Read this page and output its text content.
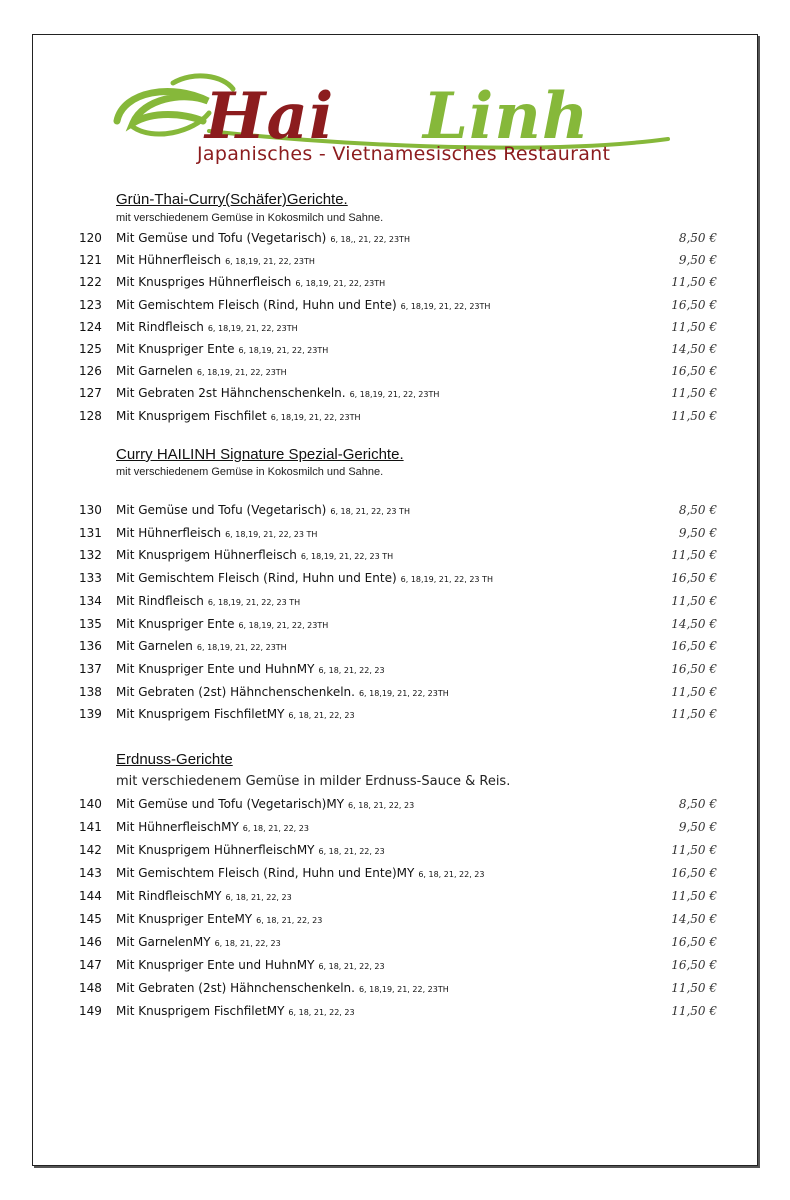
Hai Linh
Japanisches - Vietnamesisches Restaurant
Grün-Thai-Curry(Schäfer)Gerichte.
mit verschiedenem Gemüse in Kokosmilch und Sahne.
120 Mit Gemüse und Tofu (Vegetarisch) 6, 18,, 21, 22, 23TH	8,50 €
121 Mit Hühnerfleisch 6, 18,19, 21, 22, 23TH	9,50 €
122 Mit Knuspriges Hühnerfleisch 6, 18,19, 21, 22, 23TH	11,50 €
123 Mit Gemischtem Fleisch (Rind, Huhn und Ente) 6, 18,19, 21, 22, 23TH	16,50 €
124 Mit Rindfleisch 6, 18,19, 21, 22, 23TH	11,50 €
125 Mit Knuspriger Ente 6, 18,19, 21, 22, 23TH	14,50 €
126 Mit Garnelen 6, 18,19, 21, 22, 23TH	16,50 €
127 Mit Gebraten 2st Hähnchenschenkeln. 6, 18,19, 21, 22, 23TH	11,50 €
128 Mit Knusprigem Fischfilet 6, 18,19, 21, 22, 23TH	11,50 €
Curry HAILINH Signature Spezial-Gerichte.
mit verschiedenem Gemüse in Kokosmilch und Sahne.
130 Mit Gemüse und Tofu (Vegetarisch) 6, 18, 21, 22, 23 TH	8,50 €
131 Mit Hühnerfleisch 6, 18,19, 21, 22, 23 TH	9,50 €
132 Mit Knusprigem Hühnerfleisch 6, 18,19, 21, 22, 23 TH	11,50 €
133 Mit Gemischtem Fleisch (Rind, Huhn und Ente) 6, 18,19, 21, 22, 23 TH	16,50 €
134 Mit Rindfleisch 6, 18,19, 21, 22, 23 TH	11,50 €
135 Mit Knuspriger Ente 6, 18,19, 21, 22, 23TH	14,50 €
136 Mit Garnelen 6, 18,19, 21, 22, 23TH	16,50 €
137 Mit Knuspriger Ente und HuhnMY 6, 18, 21, 22, 23	16,50 €
138 Mit Gebraten (2st) Hähnchenschenkeln. 6, 18,19, 21, 22, 23TH	11,50 €
139 Mit Knusprigem FischfiletMY 6, 18, 21, 22, 23	11,50 €
Erdnuss-Gerichte
mit verschiedenem Gemüse in milder Erdnuss-Sauce & Reis.
140 Mit Gemüse und Tofu (Vegetarisch)MY 6, 18, 21, 22, 23	8,50 €
141 Mit HühnerfleischMY 6, 18, 21, 22, 23	9,50 €
142 Mit Knusprigem HühnerfleischMY 6, 18, 21, 22, 23	11,50 €
143 Mit Gemischtem Fleisch (Rind, Huhn und Ente)MY 6, 18, 21, 22, 23	16,50 €
144 Mit RindfleischMY 6, 18, 21, 22, 23	11,50 €
145 Mit Knuspriger EnteMY 6, 18, 21, 22, 23	14,50 €
146 Mit GarnelenMY 6, 18, 21, 22, 23	16,50 €
147 Mit Knuspriger Ente und HuhnMY 6, 18, 21, 22, 23	16,50 €
148 Mit Gebraten (2st) Hähnchenschenkeln. 6, 18,19, 21, 22, 23TH	11,50 €
149 Mit Knusprigem FischfiletMY 6, 18, 21, 22, 23	11,50 €
